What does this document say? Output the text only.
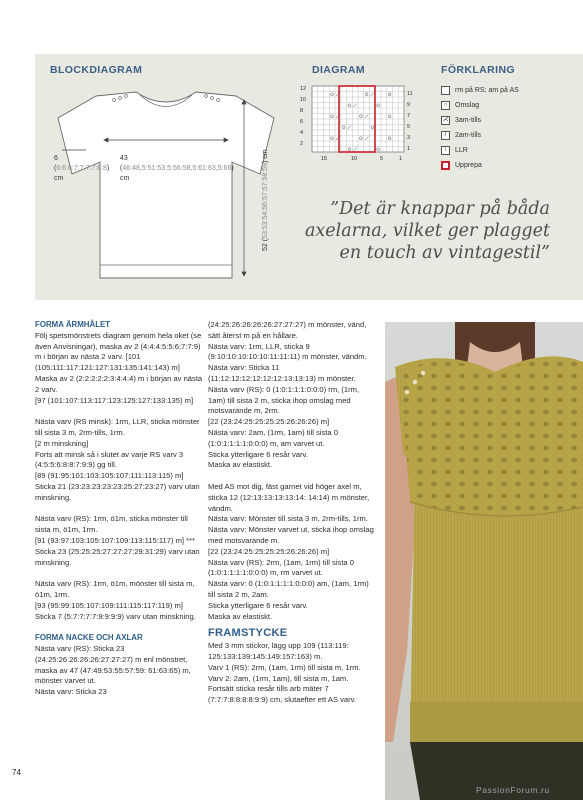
BLOCKDIAGRAM	DIAGRAM	FÖRKLARING
6 (6:6:6:7:7:7:7:8:8) cm
43 (46:48,5:51:53,5:56:58,5:61:63,5:66) cm
52 (53:53:54:56:57:57:58:59) cm
12
10
8
6
4
2
11
9
7
5
3
1
15	10	5	1
rm på RS; am på AS
○	Omslag
⋌ 3am-tills
/	2am-tills
\	LLR
Upprepa
”Det är knappar på båda axelarna, vilket ger plagget en touch av vintagestil”
FORMA ÄRMHÅLET

Följ spetsmönstrets diagram genom hela oket (se även Anvisningar), maska av 2 (4:4:4:5:5:6:7:7:9) m i början av nästa 2 varv. [101 (105:111:117:121:127:131:135:141:143) m]

Maska av 2 (2:2:2:2:2:3:4:4:4) m i början av nästa 2 varv.

[97 (101:107:113:117:123:125:127:133:135) m]

Nästa varv (RS minsk): 1rm, LLR, sticka mönster till sista 3 m, 2rm-tills, 1rm.

[2 m minskning]

Forts att minsk så i slutet av varje RS varv 3 (4:5:5:6:8:8:7:9:9) gg till.

[89 (91:95:101:103:105:107:111:113:115) m]

Sticka 21 (23:23:23:23:23:25:27:23:27) varv utan minskning.

Nästa varv (RS): 1rm, ö1m, sticka mönster till sista m, ö1m, 1rm.

[91 (93:97:103:105:107:109:113:115:117) m] ***

Sticka 23 (25:25:25:27:27:27:29:31:29) varv utan minskning.

Nästa varv (RS): 1rm, ö1m, mönster till sista m, ö1m, 1rm.

[93 (95:99:105:107:109:111:115:117:119) m]

Sticka 7 (5:7:7:7:7:9:9:9:9) varv utan minskning.

FORMA NACKE OCH AXLAR

Nästa varv (RS): Sticka 23 (24:25:26:26:26:26:27:27:27) m enl mönstret, maska av 47 (47:49:53:55:57:59: 61:63:65) m, mönster varvet ut.

Nästa varv: Sticka 23

(24:25:26:26:26:26:27:27:27) m mönster, vänd, sätt återst m på en hållare.

Nästa varv: 1rm, LLR, sticka 9 (9:10:10:10:10:10:11:11:11) m mönster, vändm.

Nästa varv: Sticka 11 (11:12:12:12:12:12:12:13:13:13) m mönster.

Nästa varv (RS): 0 (1:0:1:1:1:0:0:0) rm, (1rm, 1am) till sista 2 m, sticka ihop omslag med motsvarande m, 2rm.

[22 (23:24:25:25:25:25:26:26:26) m]

Nästa varv: 2am, (1rm, 1am) till sista 0 (1:0:1:1:1:1:0:0:0) m, am varvet ut.

Sticka ytterligare 6 resår varv.

Maska av elastiskt.

Med AS mot dig, fäst garnet vid höger axel m, sticka 12 (12:13:13:13:13:14: 14:14) m mönster, vändm.

Nästa varv: Mönster till sista 3 m, 2rm-tills, 1rm.

Nästa varv: Mönster varvet ut, sticka ihop omslag med motsvarande m.

[22 (23:24:25:25:25:25:26:26:26) m]

Nästa varv (RS): 2rm, (1am, 1rm) till sista 0 (1:0:1:1:1:1:0:0:0) m, rm varvet ut.

Nästa varv: 0 (1:0:1:1:1:1:0:0:0) am, (1am, 1rm) till sista 2 m, 2am.

Sticka ytterligare 6 resår varv.

Maska av elastiskt.

FRAMSTYCKE

Med 3 mm stickor, lägg upp 109 (113:119: 125:133:139:145:149:157:163) m.

Varv 1 (RS): 2rm, (1am, 1rm) till sista m, 1rm.

Varv 2: 2am, (1rm, 1am), till sista m, 1am. Fortsätt sticka resår tills arb mäter 7 (7:7:7:8:8:8:8:9:9) cm, slutaefter ett AS varv.

74
PassionForum.ru
